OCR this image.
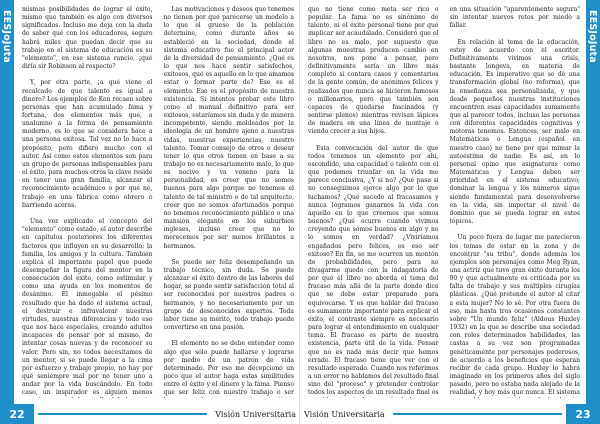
EESJoJuta

mismas posibilidades de lograr el éxito, mismo que también es algo con diversos significados. Incluso me deja con la duda de saber qué con los educadores, seguro habrá miles que puedan decir que su trabajo en el sistema de educación es su "elemento", en ese sistema rancio, ¡qué diría sir Robinson al respecto?

Y, por otra parte, ¡a qué viene el recalcado de que talento es igual a dinero? Los ejemplos de Ken recaen sobre personas que han acumulado fama y fortuna, dos elementos más que, a unalumno a la forma de pensamiento moderno, es lo que se considera hace a una persona exitosa. Tal vez no lo hace a propósito, pero difiero mucho con el autor. Así como estos elementos son para un grupo de personas indispensables para el éxito, para muchos otros la clave reside en tener una gran familia, alcanzar el reconocimiento académico o por qué no, trabajo en una fábrica como obrero o barriendo aceras.

Una vez explicado el concepto del "elemento" como estado, el autor describe en capítulos posteriores los diferentes factores que influyen en su desarrollo: la familia, los amigos y la cultura. También explica el importante papel que puede desempeñar la figura del mentor en la consecución del éxito, como estimular y como una ayuda en los momentos de desánimo. El inmegable el pésimo resultado que ha dado el sistema actual, el destruir e infravalorar nuestras virtudes, nuestras diferencias y todo eso que nos hace especiales, creando adultos incapaces de pensar por sí mismo, de intentar cosas nuevas y de reconocer su valor. Pero sin, no todos necesitamos de un mentor, si se puede llegar a la cima por esfuerzo y trabajo propio, no hay por qué seniempre mal por no tener uno a andar por la vida buscándolo. En todo caso, un inspirador es alguien menos

Las motivaciones y deseos que tenemos no tienen por qué parecerse un modelo a lo que el grueso de la población determine, como durante años se estableció en la sociedad, donde el sistema educativo fue el principal actor de la diversidad de pensamiento. ¿Qué es lo que nos hace sentir satisfechos, exitosos, qué es aquello en lo que amamos estar o formar parte de? Ese es el elemento. Ese es el propósito de nuestra existencia. Si intentos probar este libro como el manual definitivo para ser exitosos, estaríamos sin duda y de manera incompetente, siendo moldeados por la ideología de un hombre ajeno a nuestras vidas, nuestras experiencias, nuestro talento. Tomar consejo de otros o desear tener lo que otros tienen en base a su trabajo no es necesariamente malo, lo que es nocivo y va veneno para la personalidad, es creer que no somos buenos para algo porque no tenemos el talento de tal ministro o de tal arquitecto, creer que no somos afortunados porque no tenemos reconocimiento público o una mansión elegante en los suburbios ingleses, incluso creer que no lo merecemos por ser menos brillantes u hermanos.

Se puede ser feliz desempeñando un trabajo técnico, sin duda. Se puede alcanzar el éxito dentro de las labores del hogar, se puede sentir satisfacción total al ser reconocidos por nuestros padres o hermanos, y no necesariamente por un grupo de desconocidos expertos. Toda labor tiene su mérito, todo trabajo puede convertirse en una pasión.

El elemento no se debe entender como algo que sólo puede hallarse y lograrse por medio de un patrón de vida determinado. Por eso me decepcionó un poco que el autor haga estas similitudes entre el éxito y el dinero y la fama. Pienso que ser feliz con nuestro trabajo o ser

22	Visión Universitaria
EESJoJuta

que no tiene como meta ser rico o popular. La fama no es sinónimo de talento, ni el éxito personal tiene por qué implicar ser acaudalado. Consideró que el libro no es malo, por supuesto que algunas muestras producen cambio en nosotros, nos pone a pensar, pero definitivamente sería un libro más completo si contara casos y comentarios de la gente común, de anónimos felices y realizados que nunca se hicieron famosos o millonarios, pero que también son capaces de quedarse fascinados (y sentirse plenos) mientras revisan lápices de madera en una línea de montaje o viendo crecer a sus hijos.

Esta convocación del autor de que todos tenemos un elemento por ahí, escondido, una capacidad o talento con el que podemos triunfar en la vida me parece conclusiva, ¿Y si no? ¿Qué pasa si no conseguimos ejerce algo por lo que luchamos? ¿Qué sucede al fracasamos y nunca logramos ganarnos la vida con aquello en lo que creemos que somos buenos? ¿Qué ocurre cuando vivimos creyendo que somos buenos en algo y no lo somos en verdad? ¿Viviríamos engañados pero felices, es eso ser exitoso? En fin, se me ocurren un montón de probabilidades, pero para no divagarme quedo con la indagatoria de por qué el libro no aborda el tema del fracaso más allá de la parte donde dice que se debe estar preparado para equivocarse. Y es que hablar del fracaso es sumamente importante para explicar el éxito, el contraste siempre es necesario para lograr el entendimiento en cualquier tema. El fracaso es parte de nuestra existencia, parte útil de la vida. Pensar que no es nada más decir que hemos errado. El fracaso tiene que ver con el resultado esperado. Cuando nos referimos a un error no hablamos del resultado final sino del "proceso" y pretender controlar todos los aspectos de un resultado final es

en una situación "aparentemente segura" sin intentar nuevos retos por miedo a fallar.

En relación al tema de la educación, estoy de acuerdo con el escritor. Definitivamente vivimos una crisis, bastante longeva, en materia de educación. Es imperativo que se dé una transformación global (no reforma), que la enseñanza sea personalizada, y que desde pequeños nuestras instituciones encuentren esas capacidades sumamente que al parecer todos, incluso las personas con diferentes capacidades cognitivas y motoras tenemos. Entonces, ser malo en Matemáticas o Lengua (español en nuestro caso) no tiene por qué mimar la autoestima de nadie. Es así, en lo personal opino que asignaturas como Matemáticas y Lengua deben ser prioridad en el sistema educativo; dominar la lengua y los números sigue siendo fundamental para desenvolverse en la vida, sin importar el nivel de dominio que se pueda lograr en estos tópicos.

Un poco fuera de lugar me parecieron los temas de estar en la zona y de encontrar "su tribu", donde además los ejemplos son personajes como Meg Ryan, una actriz que tuvo gran éxito durante los 90 y que actualmente es criticada por su falta de trabajo y sus múltiples cirugías plásticas. ¿Qué pretende el autor al citar a esta mujer? No lo sé. Por otra fuera de eso, más hasta tres ocasiones constantes sobre "Un mundo feliz" (Aldous Huxley 1932) en la que se describe una sociedad con roles determinados habilidades, las castas a su vez son programadas genéticamente por personajes poderosos, de acuerdo a los beneficios que esperan recibir de cada grupo. Huxley lo habrá imaginado en los primeros años del siglo pasado, pero no estaba nada alejado de la realidad, y hoy más que nunca. El sistema

Visión Universitaria	23
